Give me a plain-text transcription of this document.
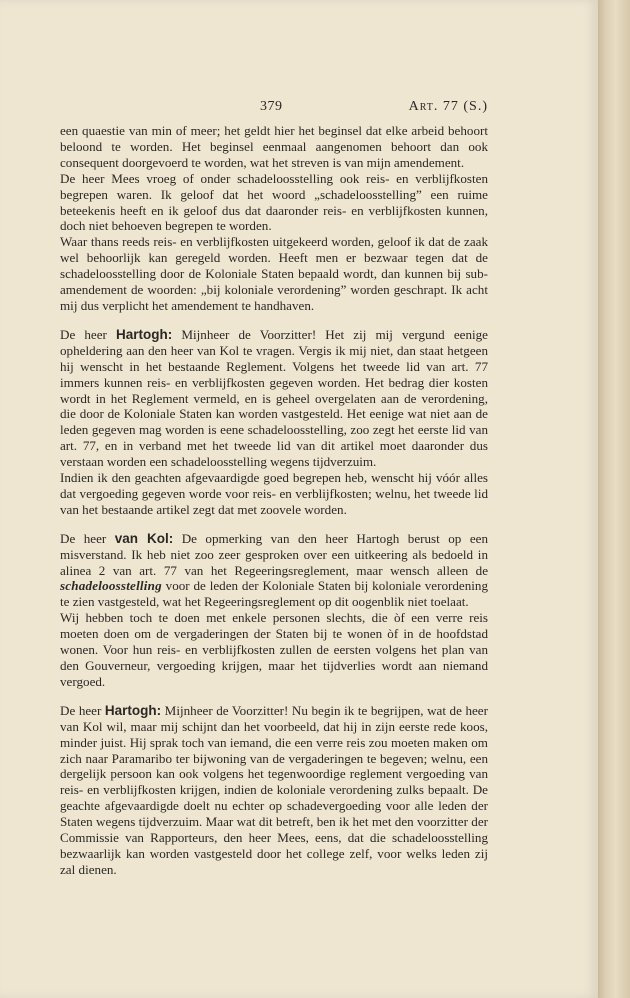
379	Art. 77 (S.)

een quaestie van min of meer; het geldt hier het beginsel dat elke arbeid behoort beloond te worden. Het beginsel eenmaal aangenomen behoort dan ook consequent doorgevoerd te worden, wat het streven is van mijn amendement.

De heer Mees vroeg of onder schadeloosstelling ook reis- en verblijfkosten begrepen waren. Ik geloof dat het woord „schadeloosstelling” een ruime beteekenis heeft en ik geloof dus dat daaronder reis- en verblijfkosten kunnen, doch niet behoeven begrepen te worden.

Waar thans reeds reis- en verblijfkosten uitgekeerd worden, geloof ik dat de zaak wel behoorlijk kan geregeld worden. Heeft men er bezwaar tegen dat de schadeloosstelling door de Koloniale Staten bepaald wordt, dan kunnen bij sub-amendement de woorden: „bij koloniale verordening” worden geschrapt. Ik acht mij dus verplicht het amendement te handhaven.

De heer Hartogh: Mijnheer de Voorzitter! Het zij mij vergund eenige opheldering aan den heer van Kol te vragen. Vergis ik mij niet, dan staat hetgeen hij wenscht in het bestaande Reglement. Volgens het tweede lid van art. 77 immers kunnen reis- en verblijfkosten gegeven worden. Het bedrag dier kosten wordt in het Reglement vermeld, en is geheel overgelaten aan de verordening, die door de Koloniale Staten kan worden vastgesteld. Het eenige wat niet aan de leden gegeven mag worden is eene schadeloosstelling, zoo zegt het eerste lid van art. 77, en in verband met het tweede lid van dit artikel moet daaronder dus verstaan worden een schadeloosstelling wegens tijdverzuim.

Indien ik den geachten afgevaardigde goed begrepen heb, wenscht hij vóór alles dat vergoeding gegeven worde voor reis- en verblijfkosten; welnu, het tweede lid van het bestaande artikel zegt dat met zoovele worden.

De heer van Kol: De opmerking van den heer Hartogh berust op een misverstand. Ik heb niet zoo zeer gesproken over een uitkeering als bedoeld in alinea 2 van art. 77 van het Regeeringsreglement, maar wensch alleen de schadeloosstelling voor de leden der Koloniale Staten bij koloniale verordening te zien vastgesteld, wat het Regeeringsreglement op dit oogenblik niet toelaat.

Wij hebben toch te doen met enkele personen slechts, die òf een verre reis moeten doen om de vergaderingen der Staten bij te wonen òf in de hoofdstad wonen. Voor hun reis- en verblijfkosten zullen de eersten volgens het plan van den Gouverneur, vergoeding krijgen, maar het tijdverlies wordt aan niemand vergoed.

De heer Hartogh: Mijnheer de Voorzitter! Nu begin ik te begrijpen, wat de heer van Kol wil, maar mij schijnt dan het voorbeeld, dat hij in zijn eerste rede koos, minder juist. Hij sprak toch van iemand, die een verre reis zou moeten maken om zich naar Paramaribo ter bijwoning van de vergaderingen te begeven; welnu, een dergelijk persoon kan ook volgens het tegenwoordige reglement vergoeding van reis- en verblijfkosten krijgen, indien de koloniale verordening zulks bepaalt. De geachte afgevaardigde doelt nu echter op schadevergoeding voor alle leden der Staten wegens tijdverzuim. Maar wat dit betreft, ben ik het met den voorzitter der Commissie van Rapporteurs, den heer Mees, eens, dat die schadeloosstelling bezwaarlijk kan worden vastgesteld door het college zelf, voor welks leden zij zal dienen.
